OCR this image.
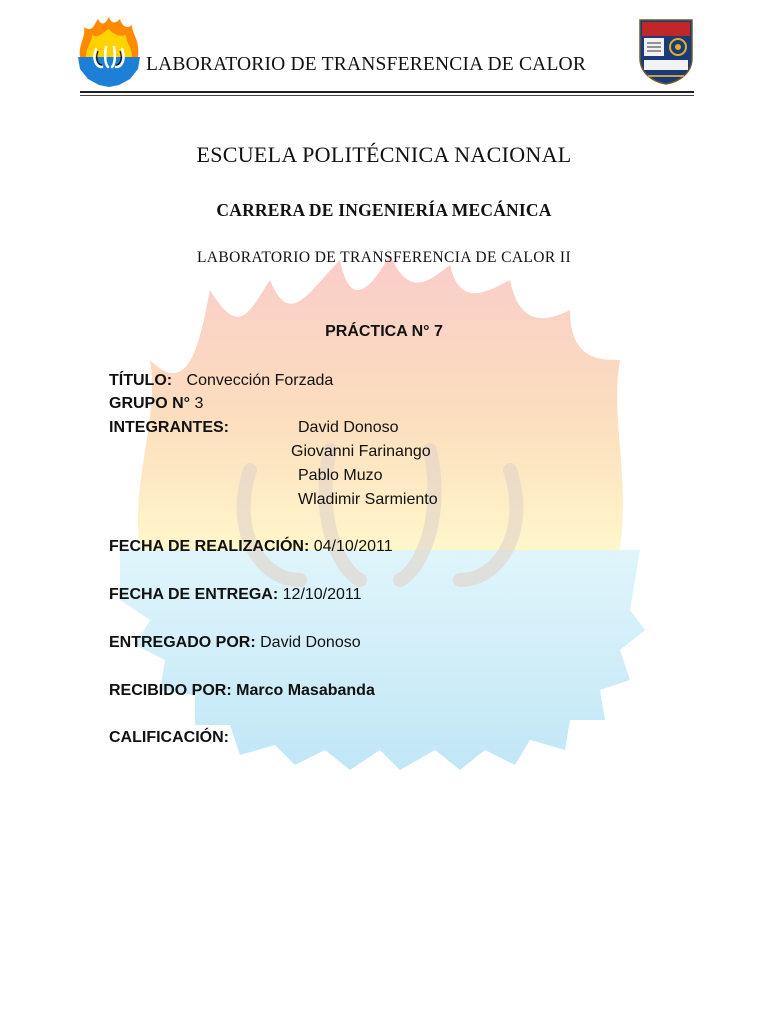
LABORATORIO DE TRANSFERENCIA DE CALOR
ESCUELA POLITÉCNICA NACIONAL
CARRERA DE INGENIERÍA MECÁNICA
LABORATORIO DE TRANSFERENCIA DE CALOR II
PRÁCTICA N° 7
TÍTULO: Convección Forzada
GRUPO N° 3
INTEGRANTES:	David Donoso
Giovanni Farinango
Pablo Muzo
Wladimir Sarmiento
FECHA DE REALIZACIÓN: 04/10/2011
FECHA DE ENTREGA: 12/10/2011
ENTREGADO POR: David Donoso
RECIBIDO POR: Marco Masabanda
CALIFICACIÓN:
